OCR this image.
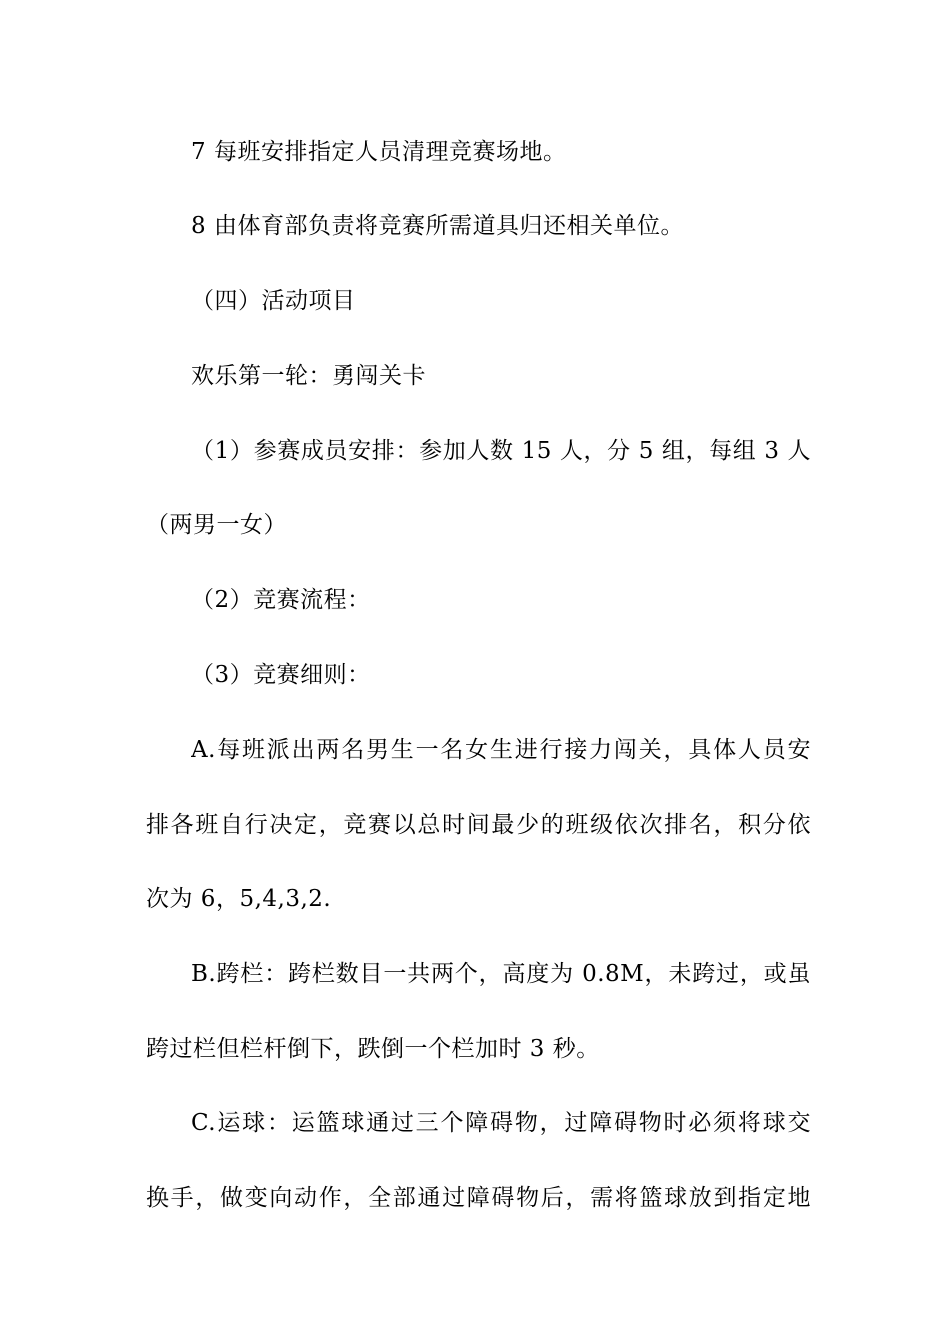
7 每班安排指定人员清理竞赛场地。
8 由体育部负责将竞赛所需道具归还相关单位。
（四）活动项目
欢乐第一轮：勇闯关卡
（1）参赛成员安排：参加人数 15 人，分 5 组，每组 3 人
（两男一女）
（2）竞赛流程：
（3）竞赛细则：
A.每班派出两名男生一名女生进行接力闯关，具体人员安
排各班自行决定，竞赛以总时间最少的班级依次排名，积分依
次为 6，5,4,3,2.
B.跨栏：跨栏数目一共两个，高度为 0.8M，未跨过，或虽
跨过栏但栏杆倒下，跌倒一个栏加时 3 秒。
C.运球：运篮球通过三个障碍物，过障碍物时必须将球交
换手，做变向动作，全部通过障碍物后，需将篮球放到指定地
